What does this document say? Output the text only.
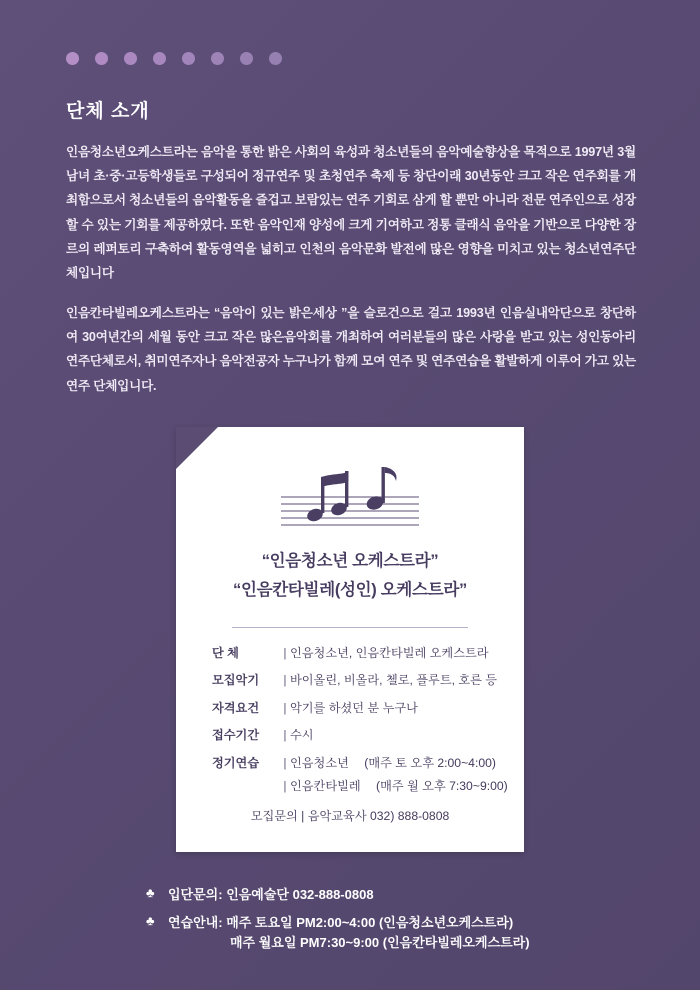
단체 소개

인음청소년오케스트라는 음악을 통한 밝은 사회의 육성과 청소년들의 음악예술향상을 목적으로 1997년 3월 남녀 초·중·고등학생들로 구성되어 정규연주 및 초청연주 축제 등 창단이래 30년동안 크고 작은 연주회를 개최함으로서 청소년들의 음악활동을 즐겁고 보람있는 연주 기회로 삼게 할 뿐만 아니라 전문 연주인으로 성장 할 수 있는 기회를 제공하였다. 또한 음악인재 양성에 크게 기여하고 정통 클래식 음악을 기반으로 다양한 장르의 레퍼토리 구축하여 활동영역을 넓히고 인천의 음악문화 발전에 많은 영향을 미치고 있는 청소년연주단체입니다

인음칸타빌레오케스트라는 “음악이 있는 밝은세상 ”을 슬로건으로 걸고 1993년 인음실내악단으로 창단하여 30여년간의 세월 동안 크고 작은 많은음악회를 개최하여 여러분들의 많은 사랑을 받고 있는 성인동아리 연주단체로서, 취미연주자나 음악전공자 누구나가 함께 모여 연주 및 연주연습을 활발하게 이루어 가고 있는 연주 단체입니다.

“인음청소년 오케스트라”
“인음칸타빌레(성인) 오케스트라”
단 체	| 인음청소년, 인음칸타빌레 오케스트라
모집악기	| 바이올린, 비올라, 첼로, 플루트, 호른 등
자격요건	| 악기를 하셨던 분 누구나
접수기간	| 수시
정기연습	| 인음청소년 (매주 토 오후 2:00~4:00)
| 인음칸타빌레 (매주 월 오후 7:30~9:00)
모집문의 | 음악교육사 032) 888-0808
♣	입단문의: 인음예술단 032-888-0808
♣	연습안내: 매주 토요일 PM2:00~4:00 (인음청소년오케스트라)
매주 월요일 PM7:30~9:00 (인음칸타빌레오케스트라)
